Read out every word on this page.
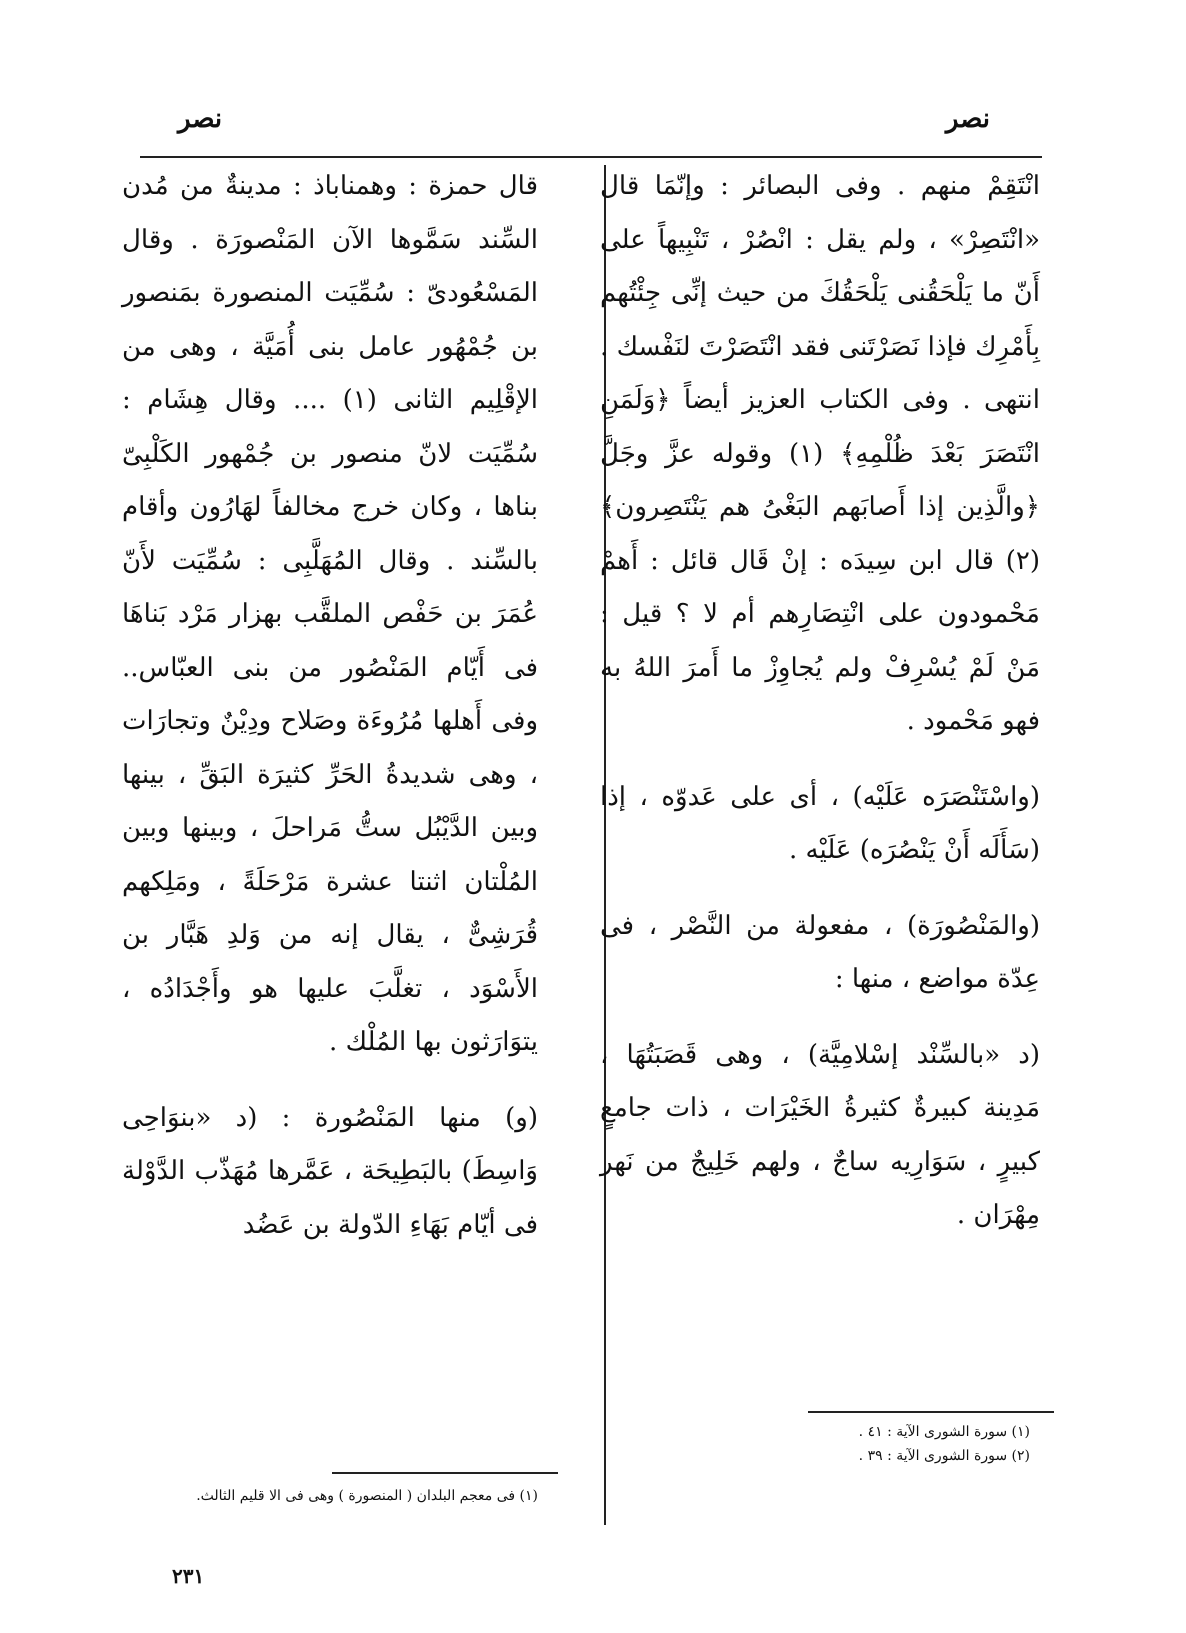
نصر
نصر

انْتَقِمْ منهم . وفى البصائر : وإنّمَا قال «انْتَصِرْ» ، ولم يقل : انْصُرْ ، تَنْبِيهاً على أَنّ ما يَلْحَقُنى يَلْحَقُكَ من حيث إنِّى جِئْتُهم بِأَمْرِك فإذا نَصَرْتَنى فقد انْتَصَرْتَ لنَفْسك . انتهى . وفى الكتاب العزيز أيضاً ﴿وَلَمَنِ انْتَصَرَ بَعْدَ ظُلْمِهِ﴾ (١) وقوله عزَّ وجَلَّ ﴿والَّذِين إذا أَصابَهم البَغْىُ هم يَنْتَصِرون﴾ (٢) قال ابن سِيدَه : إنْ قَال قائل : أَهمْ مَحْمودون على انْتِصَارِهم أم لا ؟ قيل : مَنْ لَمْ يُسْرِفْ ولم يُجاوِزْ ما أَمرَ اللهُ به فهو مَحْمود .

(واسْتَنْصَرَه عَلَيْه) ، أى على عَدوّه ، إذا (سَأَلَه أَنْ يَنْصُرَه) عَلَيْه .

(والمَنْصُورَة) ، مفعولة من النَّصْر ، فى عِدّة مواضع ، منها :

(د «بالسِّنْد إسْلامِيَّة) ، وهى قَصَبَتُهَا ، مَدِينة كبيرةٌ كثيرةُ الخَيْرَات ، ذات جامعٍ كبيرٍ ، سَوَارِيه ساجٌ ، ولهم خَلِيجٌ من نَهر مِهْرَان .

قال حمزة : وهمناباذ : مدينةٌ من مُدن السِّند سَمَّوها الآن المَنْصورَة . وقال المَسْعُودىّ : سُمِّيَت المنصورة بمَنصور بن جُمْهُور عامل بنى أُمَيَّة ، وهى من الإقْلِيم الثانى (١) .... وقال هِشَام : سُمِّيَت لانّ منصور بن جُمْهور الكَلْبِىّ بناها ، وكان خرج مخالفاً لهَارُون وأقام بالسِّند . وقال المُهَلَّبِى : سُمِّيَت لأَنّ عُمَرَ بن حَفْص الملقَّب بهزار مَرْد بَناهَا فى أَيّام المَنْصُور من بنى العبّاس.. وفى أَهلها مُرُوءَة وصَلاح ودِيْنٌ وتجارَات ، وهى شديدةُ الحَرِّ كثيرَة البَقِّ ، بينها وبين الدَّيْبُل ستُّ مَراحلَ ، وبينها وبين المُلْتان اثنتا عشرة مَرْحَلَةً ، ومَلِكهم قُرَشِىٌّ ، يقال إنه من وَلدِ هَبَّار بن الأَسْوَد ، تغلَّبَ عليها هو وأَجْدَادُه ، يتوَارَثون بها المُلْك .

(و) منها المَنْصُورة : (د «بنوَاحِى وَاسِطَ) بالبَطِيحَة ، عَمَّرها مُهَذّب الدَّوْلة فى أيّام بَهَاءِ الدّولة بن عَضُد

(١) سورة الشورى الآية : ٤١ .
(٢) سورة الشورى الآية : ٣٩ .
(١) فى معجم البلدان ( المنصورة ) وهى فى الا قليم الثالث.
٢٣١
